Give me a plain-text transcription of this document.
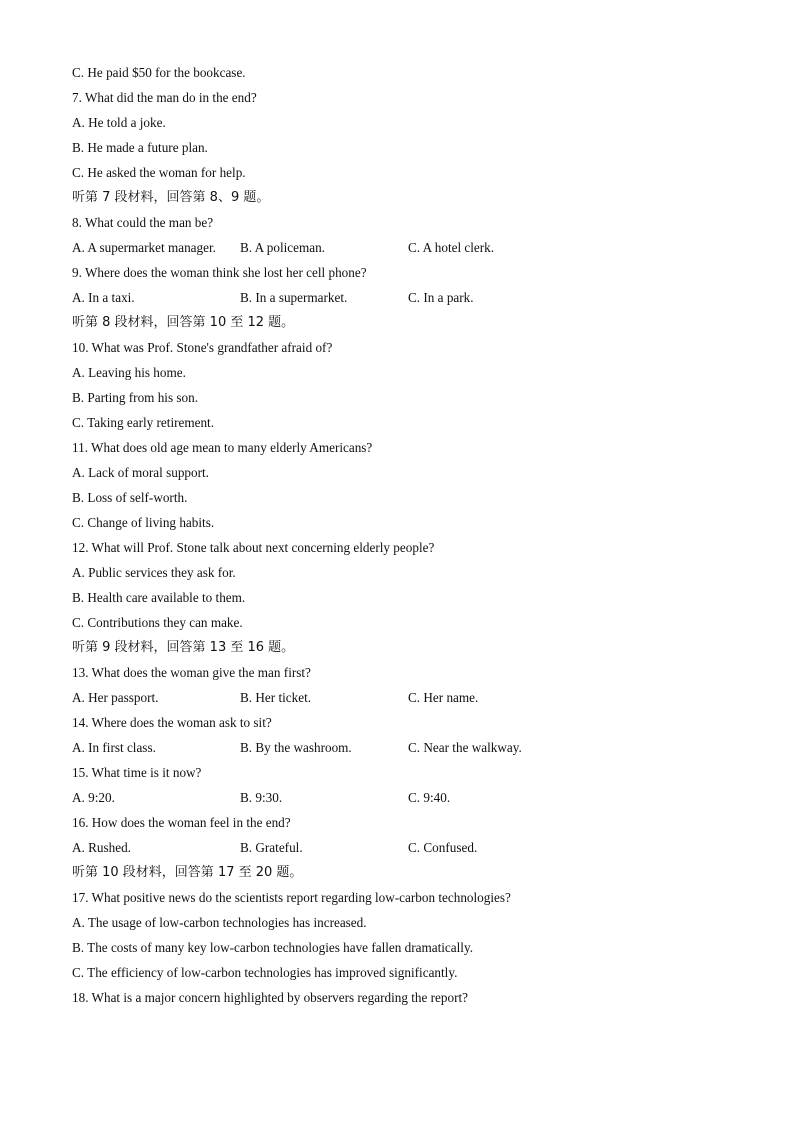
C. He paid $50 for the bookcase.
7. What did the man do in the end?
A. He told a joke.
B. He made a future plan.
C. He asked the woman for help.
听第 7 段材料，回答第 8、9 题。
8. What could the man be?
A. A supermarket manager.	B. A policeman.	C. A hotel clerk.
9. Where does the woman think she lost her cell phone?
A. In a taxi.	B. In a supermarket.	C. In a park.
听第 8 段材料，回答第 10 至 12 题。
10. What was Prof. Stone's grandfather afraid of?
A. Leaving his home.
B. Parting from his son.
C. Taking early retirement.
11. What does old age mean to many elderly Americans?
A. Lack of moral support.
B. Loss of self-worth.
C. Change of living habits.
12. What will Prof. Stone talk about next concerning elderly people?
A. Public services they ask for.
B. Health care available to them.
C. Contributions they can make.
听第 9 段材料，回答第 13 至 16 题。
13. What does the woman give the man first?
A. Her passport.	B. Her ticket.	C. Her name.
14. Where does the woman ask to sit?
A. In first class.	B. By the washroom.	C. Near the walkway.
15. What time is it now?
A. 9:20.	B. 9:30.	C. 9:40.
16. How does the woman feel in the end?
A. Rushed.	B. Grateful.	C. Confused.
听第 10 段材料，回答第 17 至 20 题。
17. What positive news do the scientists report regarding low-carbon technologies?
A. The usage of low-carbon technologies has increased.
B. The costs of many key low-carbon technologies have fallen dramatically.
C. The efficiency of low-carbon technologies has improved significantly.
18. What is a major concern highlighted by observers regarding the report?
